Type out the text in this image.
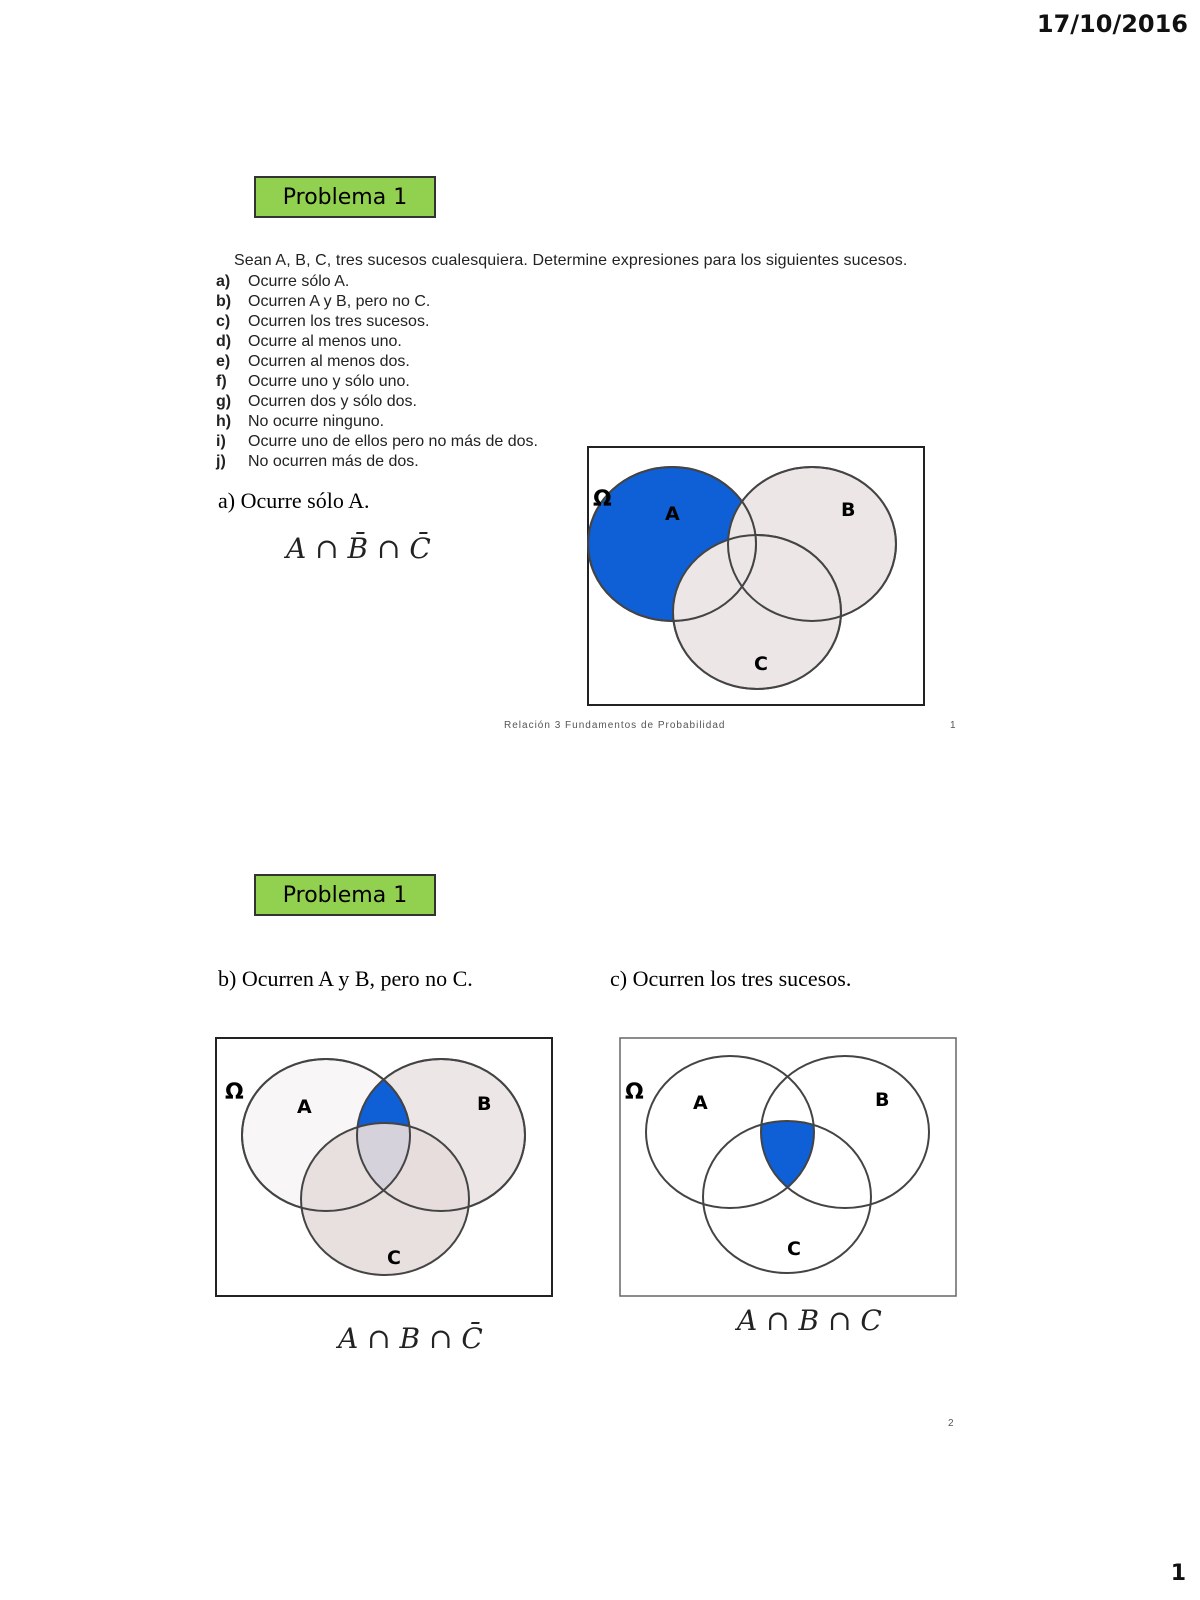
17/10/2016
1
Problema 1
Sean A, B, C, tres sucesos cualesquiera. Determine expresiones para los siguientes sucesos.
a)	Ocurre sólo A.
b)	Ocurren A y B, pero no C.
c)	Ocurren los tres sucesos.
d)	Ocurre al menos uno.
e)	Ocurren al menos dos.
f)	Ocurre uno y sólo uno.
g)	Ocurren dos y sólo dos.
h)	No ocurre ninguno.
i)	Ocurre uno de ellos pero no más de dos.
j)	No ocurren más de dos.
a) Ocurre sólo A.
A ∩ B̄ ∩ C̄
Ω
A	B
C
Relación 3 Fundamentos de Probabilidad	1
Problema 1
b) Ocurren A y B, pero no C.	c) Ocurren los tres sucesos.
Ω
A	B
C
Ω	A	B
C
A ∩ B ∩ C̄
A ∩ B ∩ C
2
